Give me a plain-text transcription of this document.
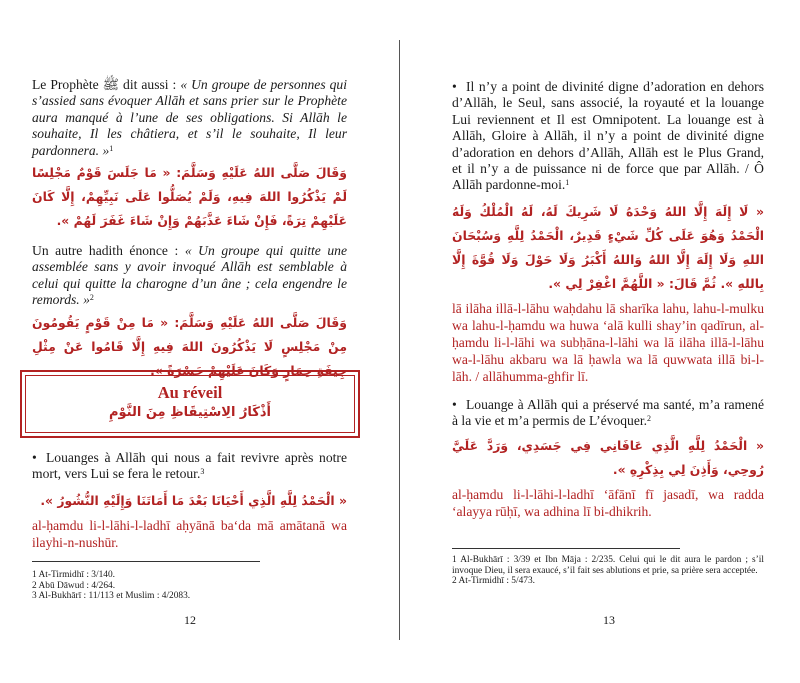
Le Prophète ﷺ dit aussi : « Un groupe de personnes qui s’assied sans évoquer Allāh et sans prier sur le Prophète aura manqué à l’une de ses obligations. Si Allāh le souhaite, Il les châtiera, et s’il le souhaite, Il leur pardonnera. »$^1$

وَقَالَ صَلَّى اللهُ عَلَيْهِ وَسَلَّمَ: « مَا جَلَسَ قَوْمٌ مَجْلِسًا لَمْ يَذْكُرُوا اللهَ فِيهِ، وَلَمْ يُصَلُّوا عَلَى نَبِيِّهِمْ، إِلَّا كَانَ عَلَيْهِمْ تِرَةً، فَإِنْ شَاءَ عَذَّبَهُمْ وَإِنْ شَاءَ غَفَرَ لَهُمْ ».

Un autre hadith énonce : « Un groupe qui quitte une assemblée sans y avoir invoqué Allāh est semblable à celui qui quitte la charogne d’un âne ; cela engendre le remords. »$^2$

وَقَالَ صَلَّى اللهُ عَلَيْهِ وَسَلَّمَ: « مَا مِنْ قَوْمٍ يَقُومُونَ مِنْ مَجْلِسٍ لَا يَذْكُرُونَ اللهَ فِيهِ إِلَّا قَامُوا عَنْ مِثْلِ جِيفَةِ حِمَارٍ وَكَانَ عَلَيْهِمْ حَسْرَةً ».

Au réveil
أَذْكَارُ الِاسْتِيقَاظِ مِنَ النَّوْمِ

• Louanges à Allāh qui nous a fait revivre après notre mort, vers Lui se fera le retour.$^3$

« الْحَمْدُ لِلَّهِ الَّذِي أَحْيَانَا بَعْدَ مَا أَمَاتَنَا وَإِلَيْهِ النُّشُورُ ».

al-ḥamdu li-l-lāhi-l-ladhī aḥyānā ba‘da mā amātanā wa ilayhi-n-nushūr.

1 At-Tirmidhī : 3/140.

2 Abū Dāwud : 4/264.

3 Al-Bukhārī : 11/113 et Muslim : 4/2083.

12

• Il n’y a point de divinité digne d’adoration en dehors d’Allāh, le Seul, sans associé, la royauté et la louange Lui reviennent et Il est Omnipotent. La louange est à Allāh, Gloire à Allāh, il n’y a point de divinité digne d’adoration en dehors d’Allāh, Allāh est le Plus Grand, et il n’y a de puissance ni de force que par Allāh. / Ô Allāh pardonne-moi.$^1$

« لَا إِلَهَ إِلَّا اللهُ وَحْدَهُ لَا شَرِيكَ لَهُ، لَهُ الْمُلْكُ وَلَهُ الْحَمْدُ وَهُوَ عَلَى كُلِّ شَيْءٍ قَدِيرٌ، الْحَمْدُ لِلَّهِ وَسُبْحَانَ اللهِ وَلَا إِلَهَ إِلَّا اللهُ وَاللهُ أَكْبَرُ وَلَا حَوْلَ وَلَا قُوَّةَ إِلَّا بِاللهِ ». ثُمَّ قَالَ: « اللَّهُمَّ اغْفِرْ لِي ».

lā ilāha illā-l-lāhu waḥdahu lā sharīka lahu, lahu-l-mulku wa lahu-l-ḥamdu wa huwa ‘alā kulli shay’in qadīrun, al-ḥamdu li-l-lāhi wa subḥāna-l-lāhi wa lā ilāha illā-l-lāhu wa-l-lāhu akbaru wa lā ḥawla wa lā quwwata illā bi-l-lāh. / allāhumma-ghfir lī.

• Louange à Allāh qui a préservé ma santé, m’a ramené à la vie et m’a permis de L’évoquer.$^2$

« الْحَمْدُ لِلَّهِ الَّذِي عَافَانِي فِي جَسَدِي، وَرَدَّ عَلَيَّ رُوحِي، وَأَذِنَ لِي بِذِكْرِهِ ».

al-ḥamdu li-l-lāhi-l-ladhī ‘āfānī fī jasadī, wa radda ‘alayya rūḥī, wa adhina lī bi-dhikrih.

1 Al-Bukhārī : 3/39 et Ibn Māja : 2/235. Celui qui le dit aura le pardon ; s’il invoque Dieu, il sera exaucé, s’il fait ses ablutions et prie, sa prière sera acceptée.

2 At-Tirmidhī : 5/473.

13
